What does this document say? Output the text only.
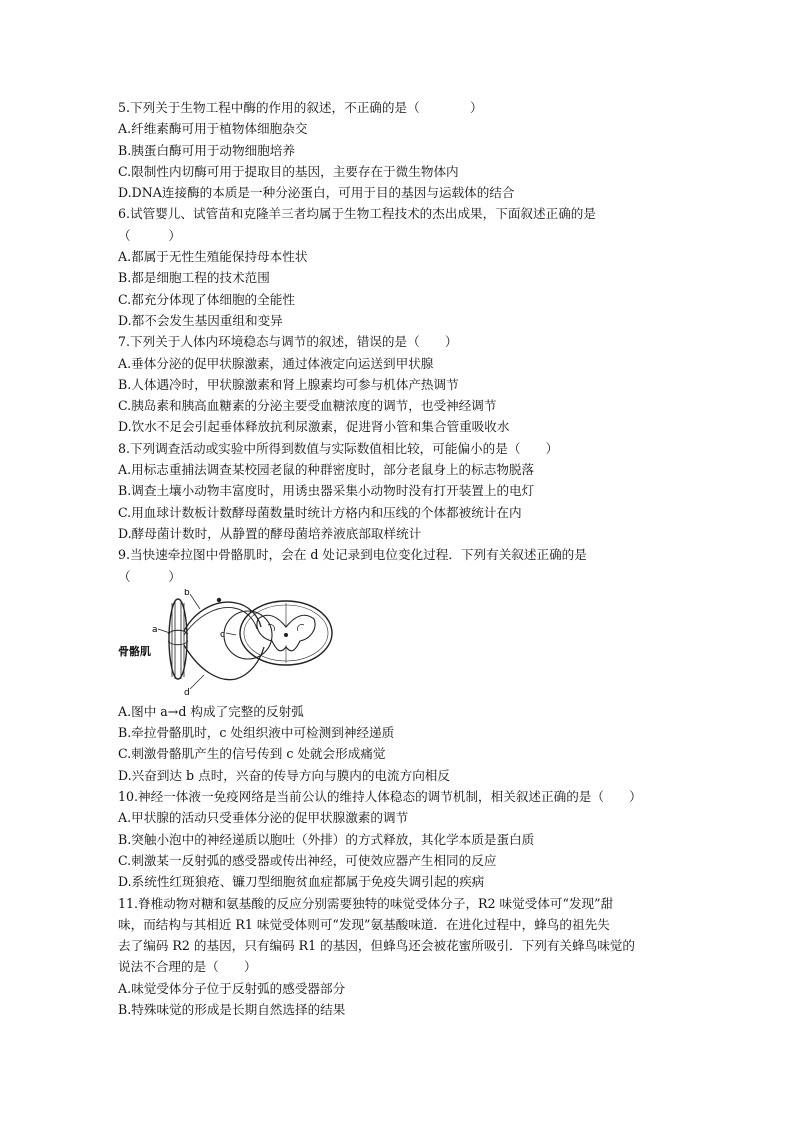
5.下列关于生物工程中酶的作用的叙述，不正确的是（　　　　）
A.纤维素酶可用于植物体细胞杂交
B.胰蛋白酶可用于动物细胞培养
C.限制性内切酶可用于提取目的基因，主要存在于微生物体内
D.DNA连接酶的本质是一种分泌蛋白，可用于目的基因与运载体的结合
6.试管婴儿、试管苗和克隆羊三者均属于生物工程技术的杰出成果，下面叙述正确的是
（　　　）
A.都属于无性生殖能保持母本性状
B.都是细胞工程的技术范围
C.都充分体现了体细胞的全能性
D.都不会发生基因重组和变异
7.下列关于人体内环境稳态与调节的叙述，错误的是（　　）
A.垂体分泌的促甲状腺激素，通过体液定向运送到甲状腺
B.人体遇冷时，甲状腺激素和肾上腺素均可参与机体产热调节
C.胰岛素和胰高血糖素的分泌主要受血糖浓度的调节，也受神经调节
D.饮水不足会引起垂体释放抗利尿激素，促进肾小管和集合管重吸收水
8.下列调查活动或实验中所得到数值与实际数值相比较，可能偏小的是（　　）
A.用标志重捕法调查某校园老鼠的种群密度时，部分老鼠身上的标志物脱落
B.调查土壤小动物丰富度时，用诱虫器采集小动物时没有打开装置上的电灯
C.用血球计数板计数酵母菌数量时统计方格内和压线的个体都被统计在内
D.酵母菌计数时，从静置的酵母菌培养液底部取样统计
9.当快速牵拉图中骨骼肌时，会在 d 处记录到电位变化过程．下列有关叙述正确的是
（　　　）
a
b
c
d
骨骼肌
A.图中 a→d 构成了完整的反射弧
B.牵拉骨骼肌时，c 处组织液中可检测到神经递质
C.刺激骨骼肌产生的信号传到 c 处就会形成痛觉
D.兴奋到达 b 点时，兴奋的传导方向与膜内的电流方向相反
10.神经一体液一免疫网络是当前公认的维持人体稳态的调节机制，相关叙述正确的是（　　）
A.甲状腺的活动只受垂体分泌的促甲状腺激素的调节
B.突触小泡中的神经递质以胞吐（外排）的方式释放，其化学本质是蛋白质
C.刺激某一反射弧的感受器或传出神经，可使效应器产生相同的反应
D.系统性红斑狼疮、镰刀型细胞贫血症都属于免疫失调引起的疾病
11.脊椎动物对糖和氨基酸的反应分别需要独特的味觉受体分子，R2 味觉受体可“发现”甜
味，而结构与其相近 R1 味觉受体则可“发现”氨基酸味道．在进化过程中，蜂鸟的祖先失
去了编码 R2 的基因，只有编码 R1 的基因，但蜂鸟还会被花蜜所吸引．下列有关蜂鸟味觉的
说法不合理的是（　　）
A.味觉受体分子位于反射弧的感受器部分
B.特殊味觉的形成是长期自然选择的结果
